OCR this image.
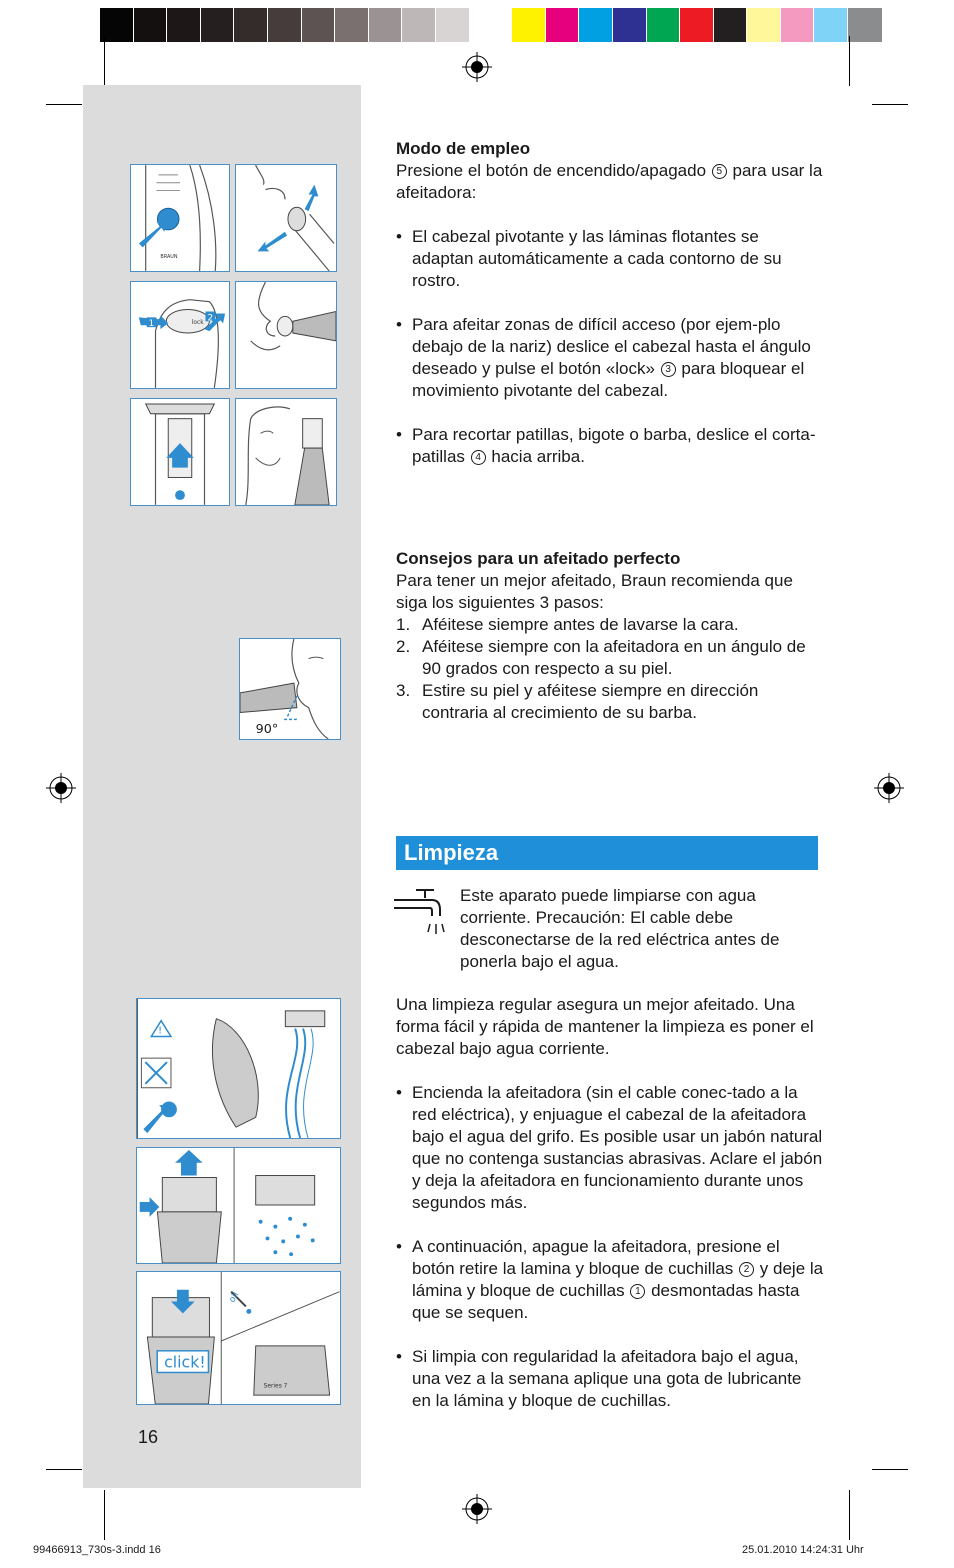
BRAUN
lock
1
2
90°
!
click!
oil
Series 7

Modo de empleo

Presione el botón de encendido/apagado 5 para usar la afeitadora:

• El cabezal pivotante y las láminas flotantes se adaptan automáticamente a cada contorno de su rostro.

• Para afeitar zonas de difícil acceso (por ejem-plo debajo de la nariz) deslice el cabezal hasta el ángulo deseado y pulse el botón «lock» 3 para bloquear el movimiento pivotante del cabezal.

• Para recortar patillas, bigote o barba, deslice el corta-patillas 4 hacia arriba.

Consejos para un afeitado perfecto

Para tener un mejor afeitado, Braun recomienda que siga los siguientes 3 pasos:

1. Aféitese siempre antes de lavarse la cara.
2. Aféitese siempre con la afeitadora en un ángulo de 90 grados con respecto a su piel.
3. Estire su piel y aféitese siempre en dirección contraria al crecimiento de su barba.
Limpieza
Este aparato puede limpiarse con agua corriente. Precaución: El cable debe desconectarse de la red eléctrica antes de ponerla bajo el agua.

Una limpieza regular asegura un mejor afeitado. Una forma fácil y rápida de mantener la limpieza es poner el cabezal bajo agua corriente.

• Encienda la afeitadora (sin el cable conec-tado a la red eléctrica), y enjuague el cabezal de la afeitadora bajo el agua del grifo. Es posible usar un jabón natural que no contenga sustancias abrasivas. Aclare el jabón y deja la afeitadora en funcionamiento durante unos segundos más.

• A continuación, apague la afeitadora, presione el botón retire la lamina y bloque de cuchillas 2 y deje la lámina y bloque de cuchillas 1 desmontadas hasta que se sequen.

• Si limpia con regularidad la afeitadora bajo el agua, una vez a la semana aplique una gota de lubricante en la lámina y bloque de cuchillas.
16
99466913_730s-3.indd 16	25.01.2010 14:24:31 Uhr
